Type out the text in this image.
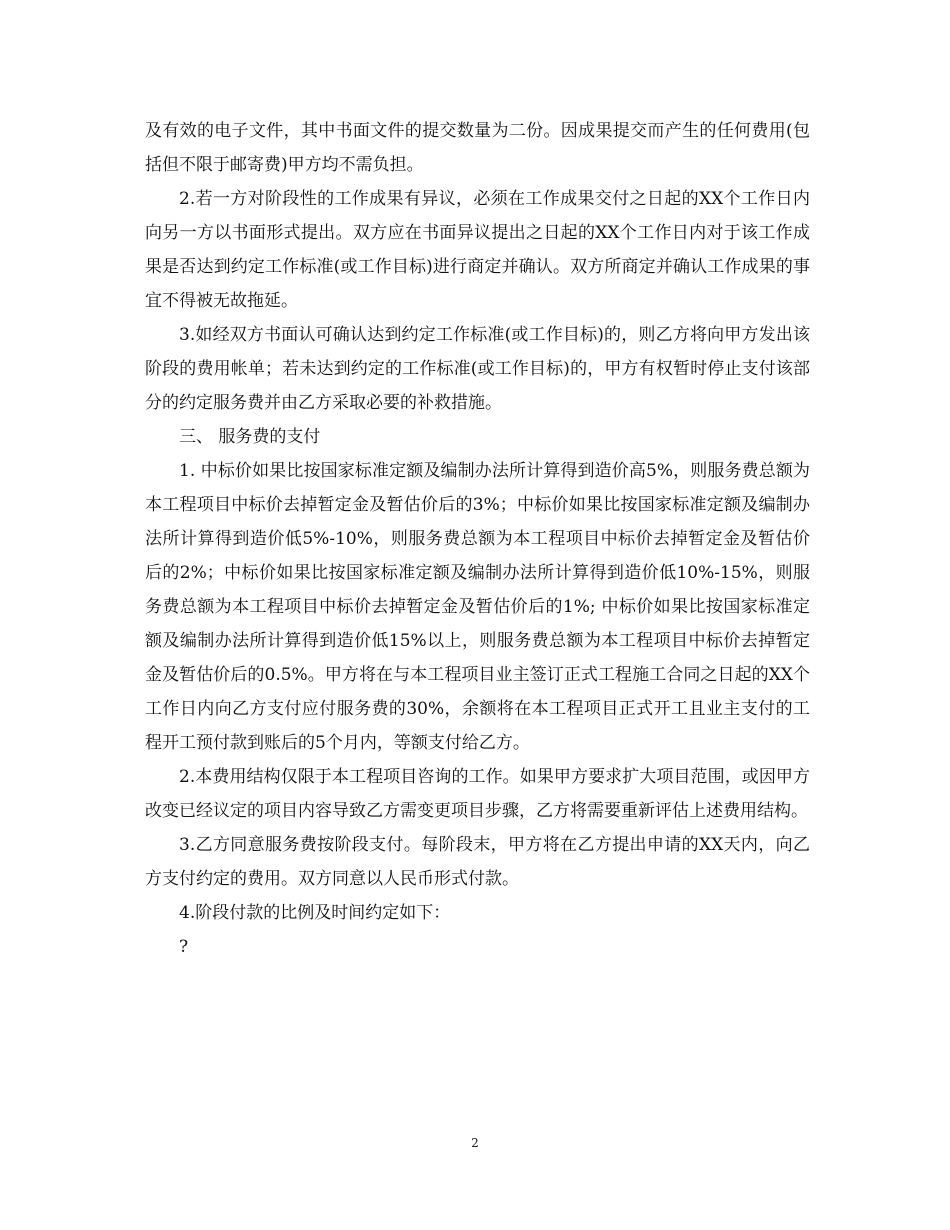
及有效的电子文件，其中书面文件的提交数量为二份。因成果提交而产生的任何费用(包括但不限于邮寄费)甲方均不需负担。

2.若一方对阶段性的工作成果有异议，必须在工作成果交付之日起的XX个工作日内向另一方以书面形式提出。双方应在书面异议提出之日起的XX个工作日内对于该工作成果是否达到约定工作标准(或工作目标)进行商定并确认。双方所商定并确认工作成果的事宜不得被无故拖延。

3.如经双方书面认可确认达到约定工作标准(或工作目标)的，则乙方将向甲方发出该阶段的费用帐单；若未达到约定的工作标准(或工作目标)的，甲方有权暂时停止支付该部分的约定服务费并由乙方采取必要的补救措施。

三、 服务费的支付

1. 中标价如果比按国家标准定额及编制办法所计算得到造价高5%，则服务费总额为本工程项目中标价去掉暂定金及暂估价后的3%；中标价如果比按国家标准定额及编制办法所计算得到造价低5%-10%，则服务费总额为本工程项目中标价去掉暂定金及暂估价后的2%；中标价如果比按国家标准定额及编制办法所计算得到造价低10%-15%，则服务费总额为本工程项目中标价去掉暂定金及暂估价后的1%; 中标价如果比按国家标准定额及编制办法所计算得到造价低15%以上，则服务费总额为本工程项目中标价去掉暂定金及暂估价后的0.5%。甲方将在与本工程项目业主签订正式工程施工合同之日起的XX个工作日内向乙方支付应付服务费的30%，余额将在本工程项目正式开工且业主支付的工程开工预付款到账后的5个月内，等额支付给乙方。

2.本费用结构仅限于本工程项目咨询的工作。如果甲方要求扩大项目范围，或因甲方改变已经议定的项目内容导致乙方需变更项目步骤，乙方将需要重新评估上述费用结构。

3.乙方同意服务费按阶段支付。每阶段末，甲方将在乙方提出申请的XX天内，向乙方支付约定的费用。双方同意以人民币形式付款。

4.阶段付款的比例及时间约定如下：

?

2
